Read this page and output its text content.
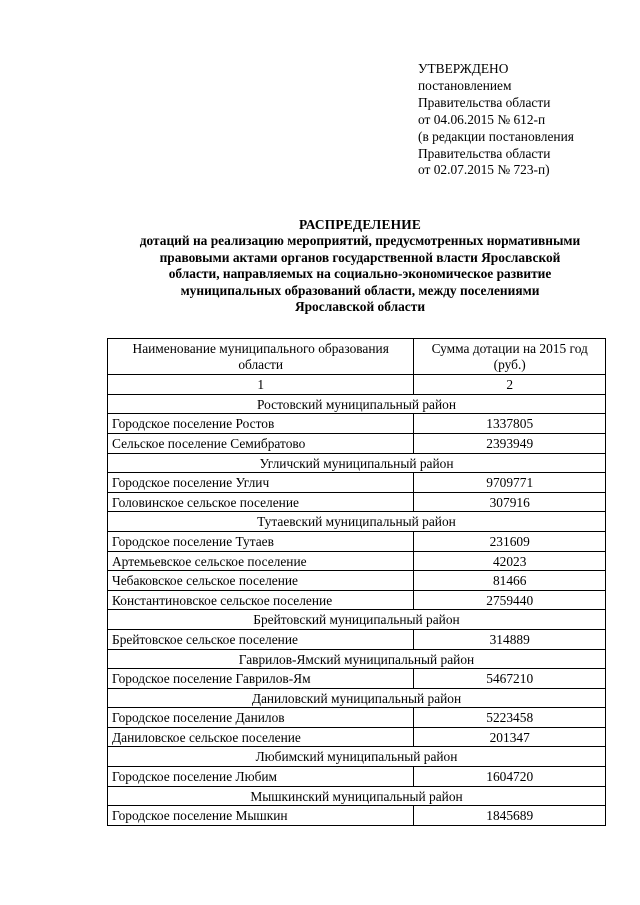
УТВЕРЖДЕНО
постановлением
Правительства области
от 04.06.2015 № 612-п
(в редакции постановления
Правительства области
от 02.07.2015 № 723-п)
РАСПРЕДЕЛЕНИЕ
дотаций на реализацию мероприятий, предусмотренных нормативными
правовыми актами органов государственной власти Ярославской
области, направляемых на социально-экономическое развитие
муниципальных образований области, между поселениями
Ярославской области
Наименование муниципального образования области	Сумма дотации на 2015 год (руб.)
1	2
Ростовский муниципальный район	
Городское поселение Ростов	1337805
Сельское поселение Семибратово	2393949
Угличский муниципальный район	
Городское поселение Углич	9709771
Головинское сельское поселение	307916
Тутаевский муниципальный район	
Городское поселение Тутаев	231609
Артемьевское сельское поселение	42023
Чебаковское сельское поселение	81466
Константиновское сельское поселение	2759440
Брейтовский муниципальный район	
Брейтовское сельское поселение	314889
Гаврилов-Ямский муниципальный район	
Городское поселение Гаврилов-Ям	5467210
Даниловский муниципальный район	
Городское поселение Данилов	5223458
Даниловское сельское поселение	201347
Любимский муниципальный район	
Городское поселение Любим	1604720
Мышкинский муниципальный район	
Городское поселение Мышкин	1845689
